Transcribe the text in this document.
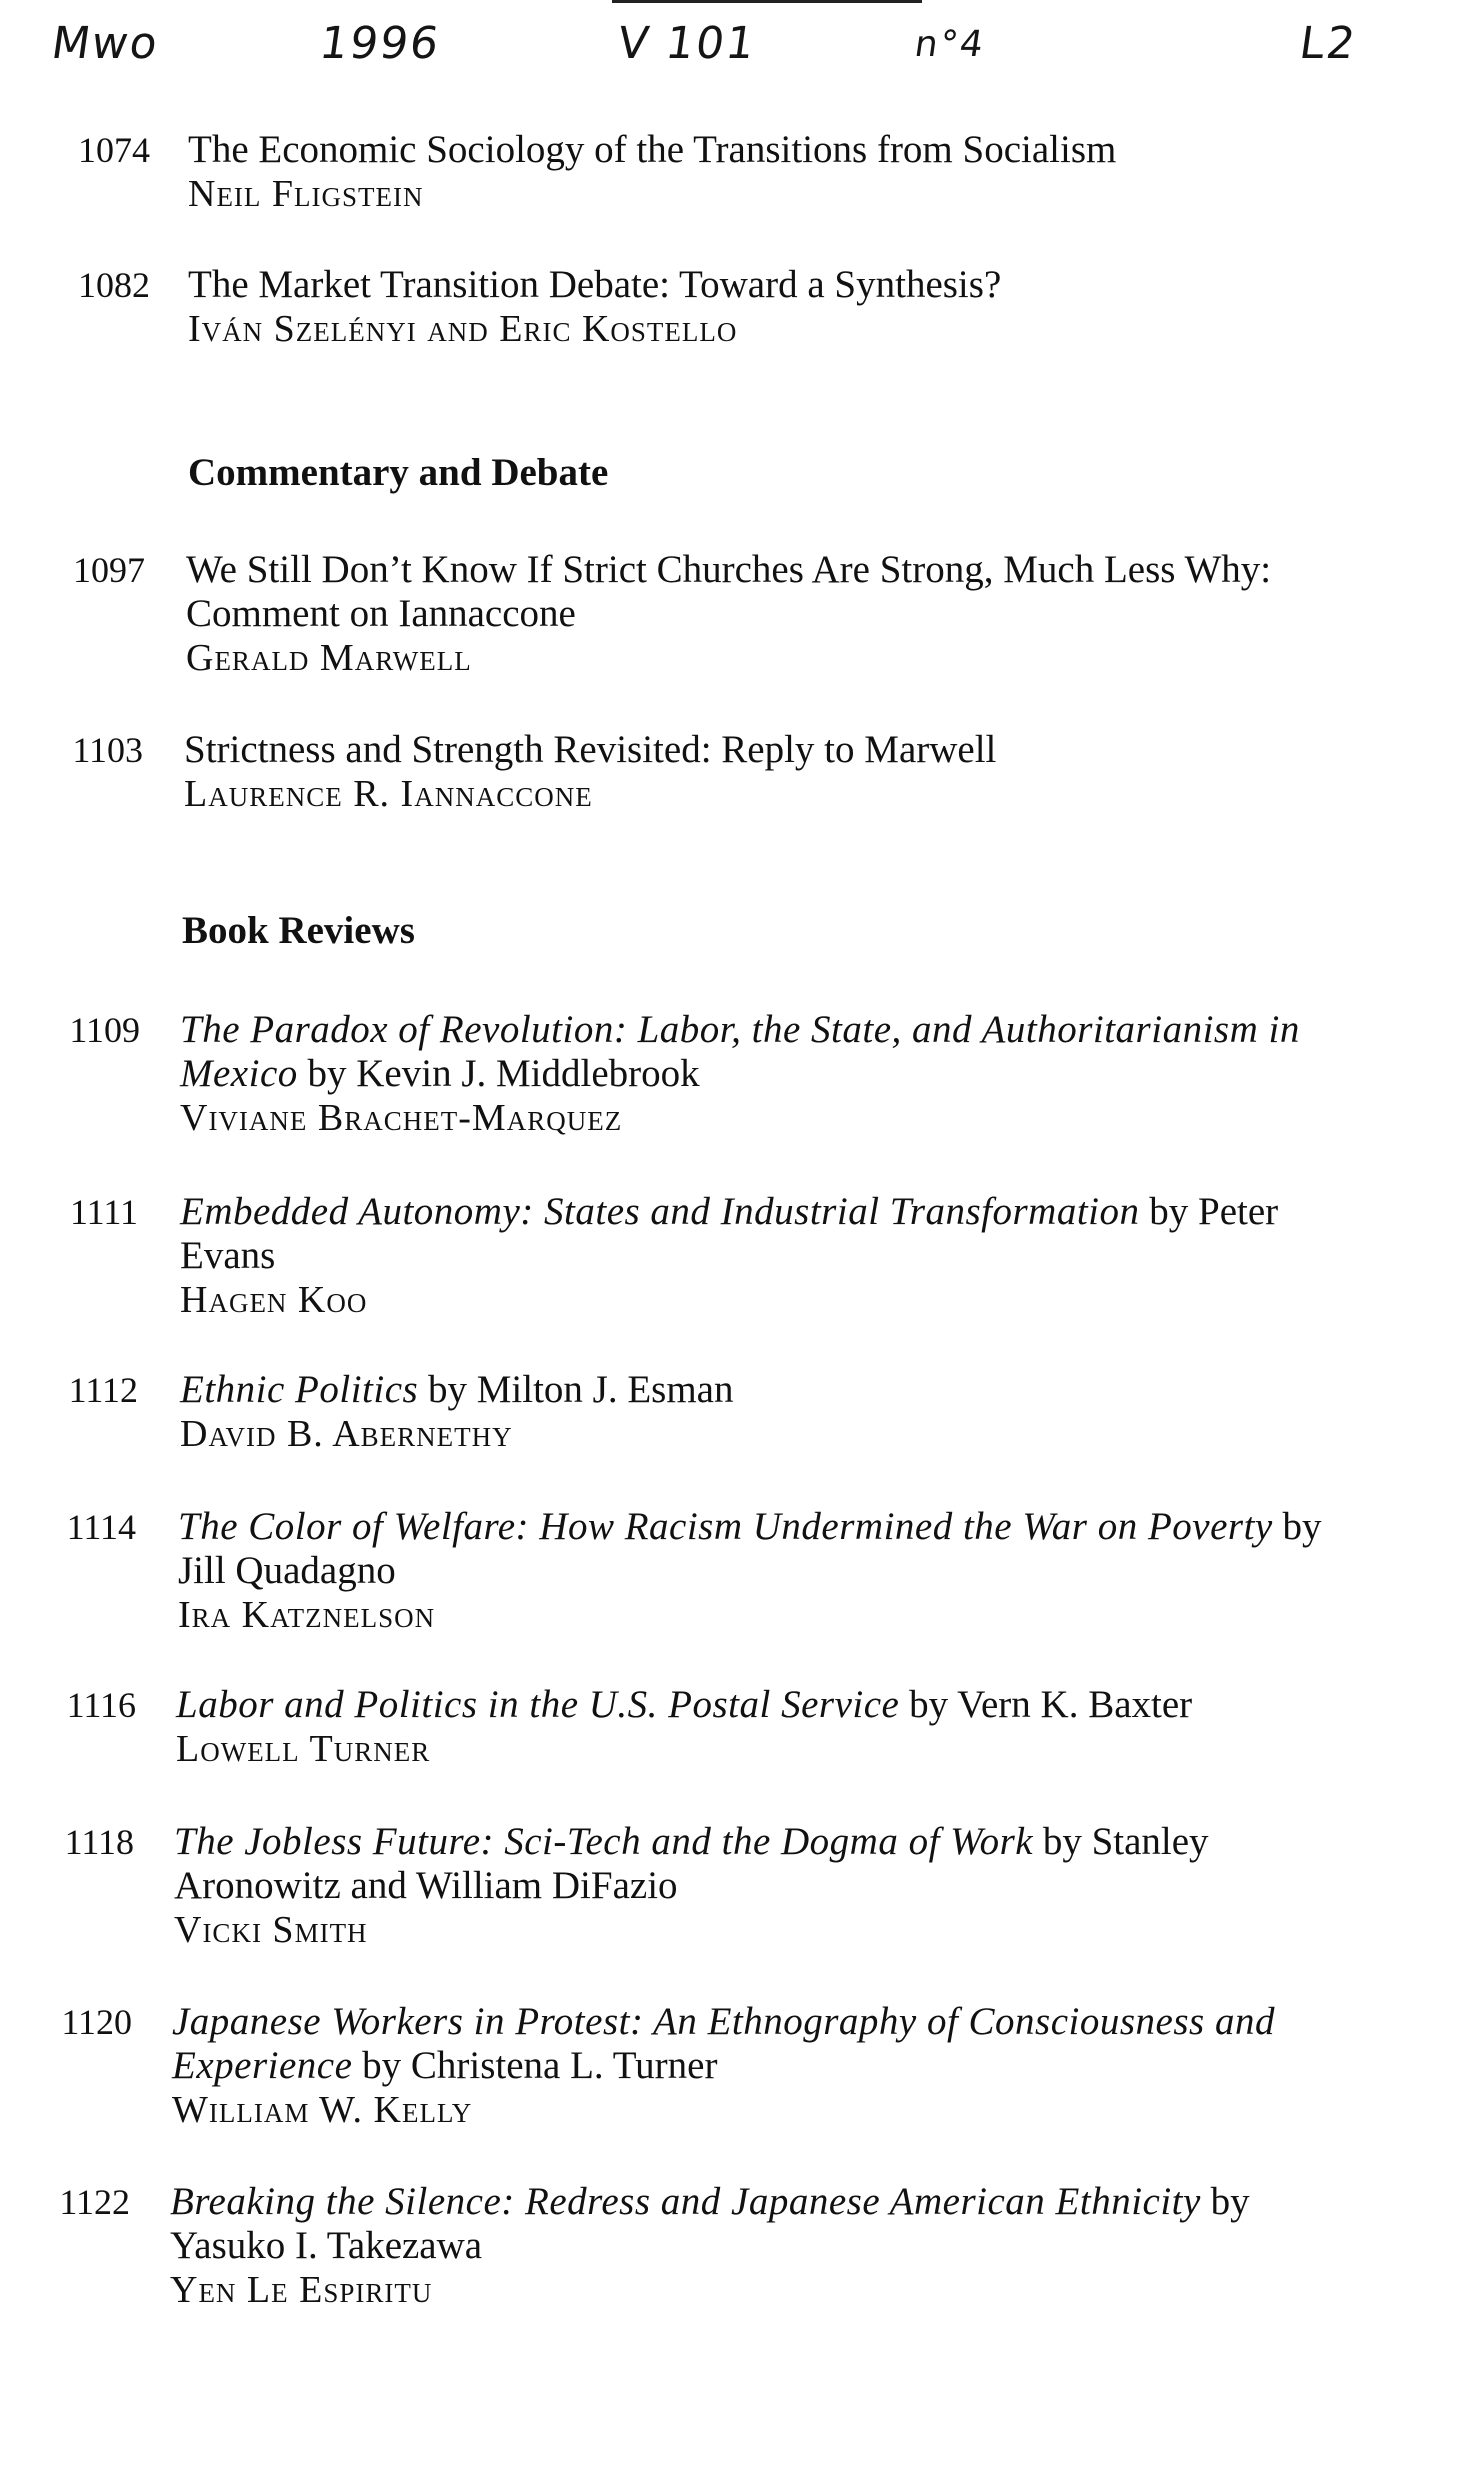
Mwo	1996	V 101	n°4	L2
1074 The Economic Sociology of the Transitions from Socialism
Neil Fligstein
1082 The Market Transition Debate: Toward a Synthesis?
Iván Szelényi and Eric Kostello
Commentary and Debate
1097 We Still Don’t Know If Strict Churches Are Strong, Much Less Why: Comment on Iannaccone
Gerald Marwell
1103 Strictness and Strength Revisited: Reply to Marwell
Laurence R. Iannaccone
Book Reviews
1109 The Paradox of Revolution: Labor, the State, and Authoritarianism in Mexico by Kevin J. Middlebrook
Viviane Brachet-Marquez
1111 Embedded Autonomy: States and Industrial Transformation by Peter Evans
Hagen Koo
1112 Ethnic Politics by Milton J. Esman
David B. Abernethy
1114 The Color of Welfare: How Racism Undermined the War on Poverty by Jill Quadagno
Ira Katznelson
1116 Labor and Politics in the U.S. Postal Service by Vern K. Baxter
Lowell Turner
1118 The Jobless Future: Sci-Tech and the Dogma of Work by Stanley Aronowitz and William DiFazio
Vicki Smith
1120 Japanese Workers in Protest: An Ethnography of Consciousness and Experience by Christena L. Turner
William W. Kelly
1122 Breaking the Silence: Redress and Japanese American Ethnicity by Yasuko I. Takezawa
Yen Le Espiritu
